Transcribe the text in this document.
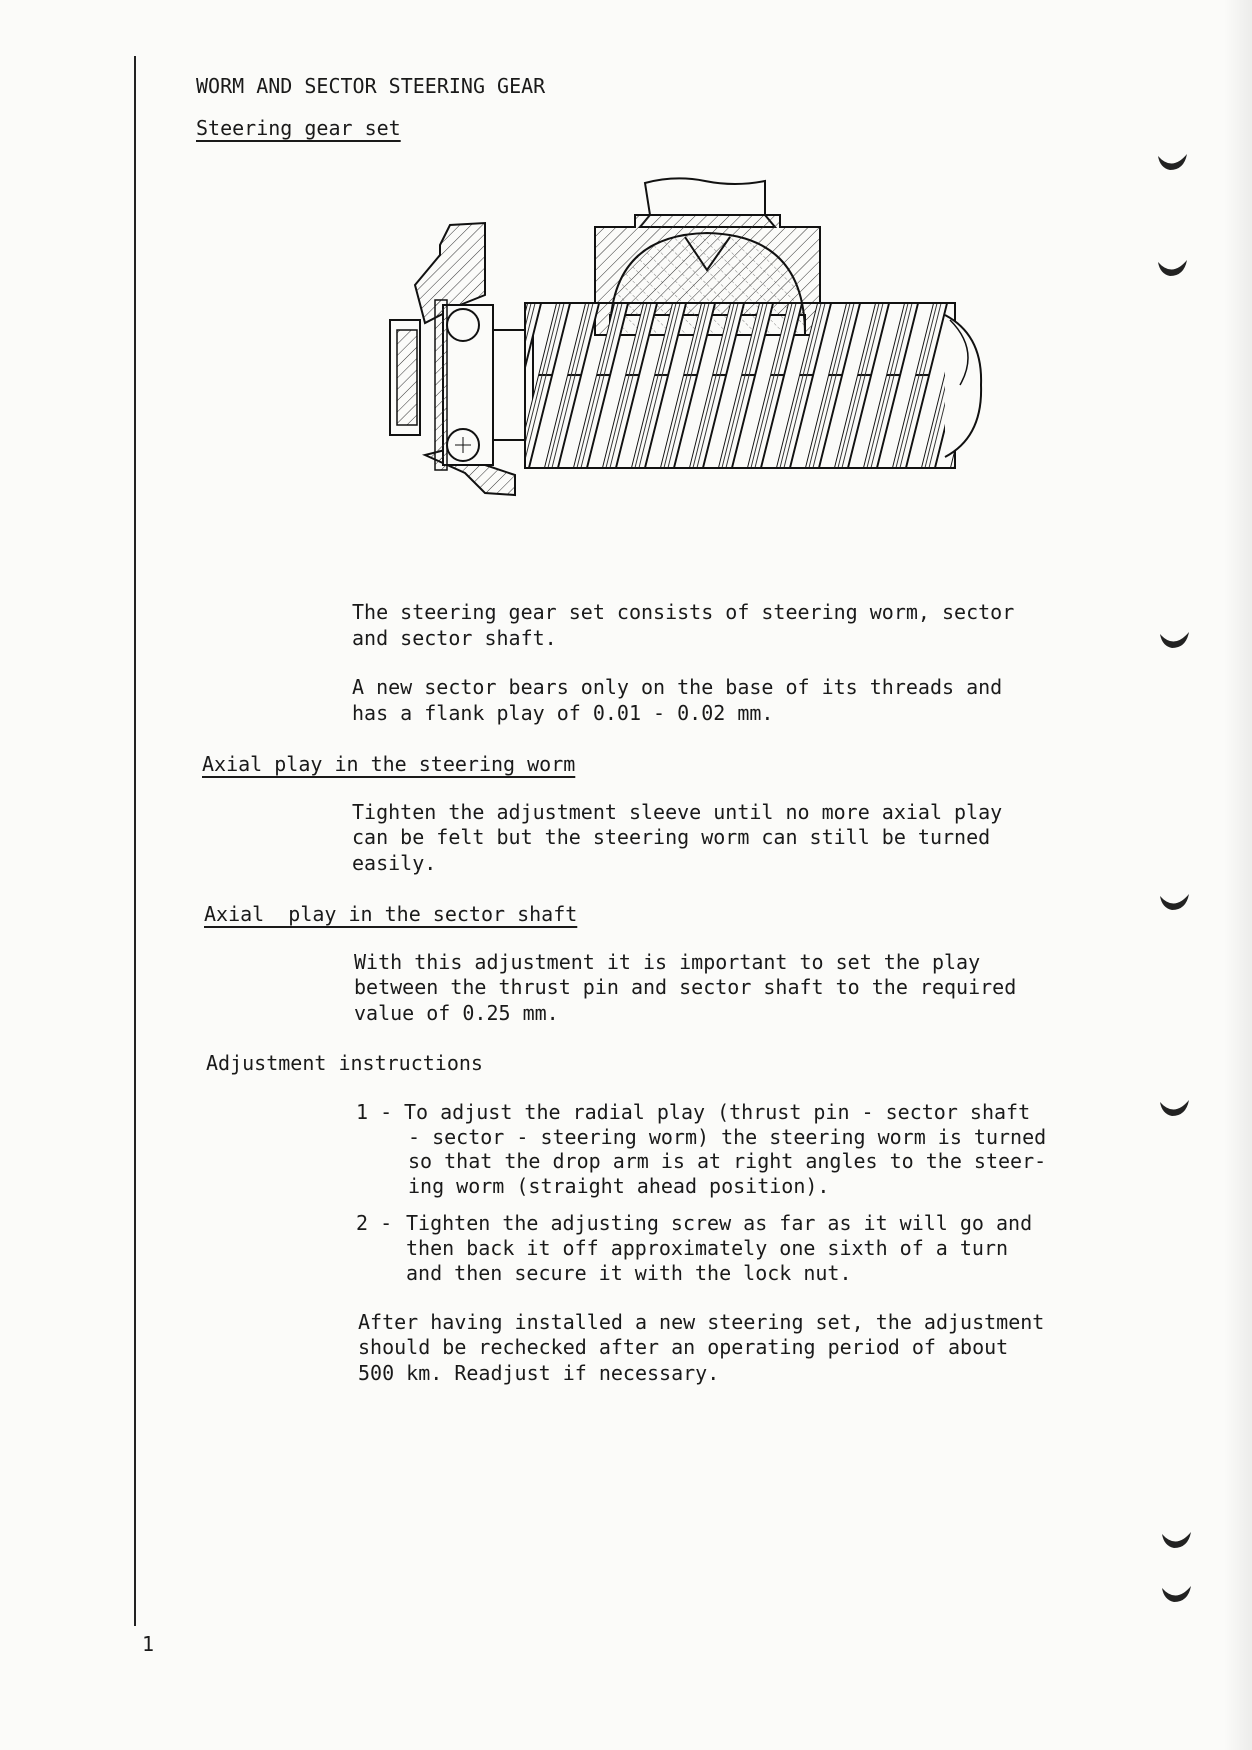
WORM AND SECTOR STEERING GEAR

Steering gear set

The steering gear set consists of steering worm, sector

and sector shaft.

A new sector bears only on the base of its threads and

has a flank play of 0.01 - 0.02 mm.

Axial play in the steering worm

Tighten the adjustment sleeve until no more axial play

can be felt but the steering worm can still be turned

easily.

Axial  play in the sector shaft

With this adjustment it is important to set the play

between the thrust pin and sector shaft to the required

value of 0.25 mm.

Adjustment instructions

1 - To adjust the radial play (thrust pin - sector shaft

- sector - steering worm) the steering worm is turned

so that the drop arm is at right angles to the steer-

ing worm (straight ahead position).

2 - Tighten the adjusting screw as far as it will go and

then back it off approximately one sixth of a turn

and then secure it with the lock nut.

After having installed a new steering set, the adjustment

should be rechecked after an operating period of about

500 km. Readjust if necessary.

1
